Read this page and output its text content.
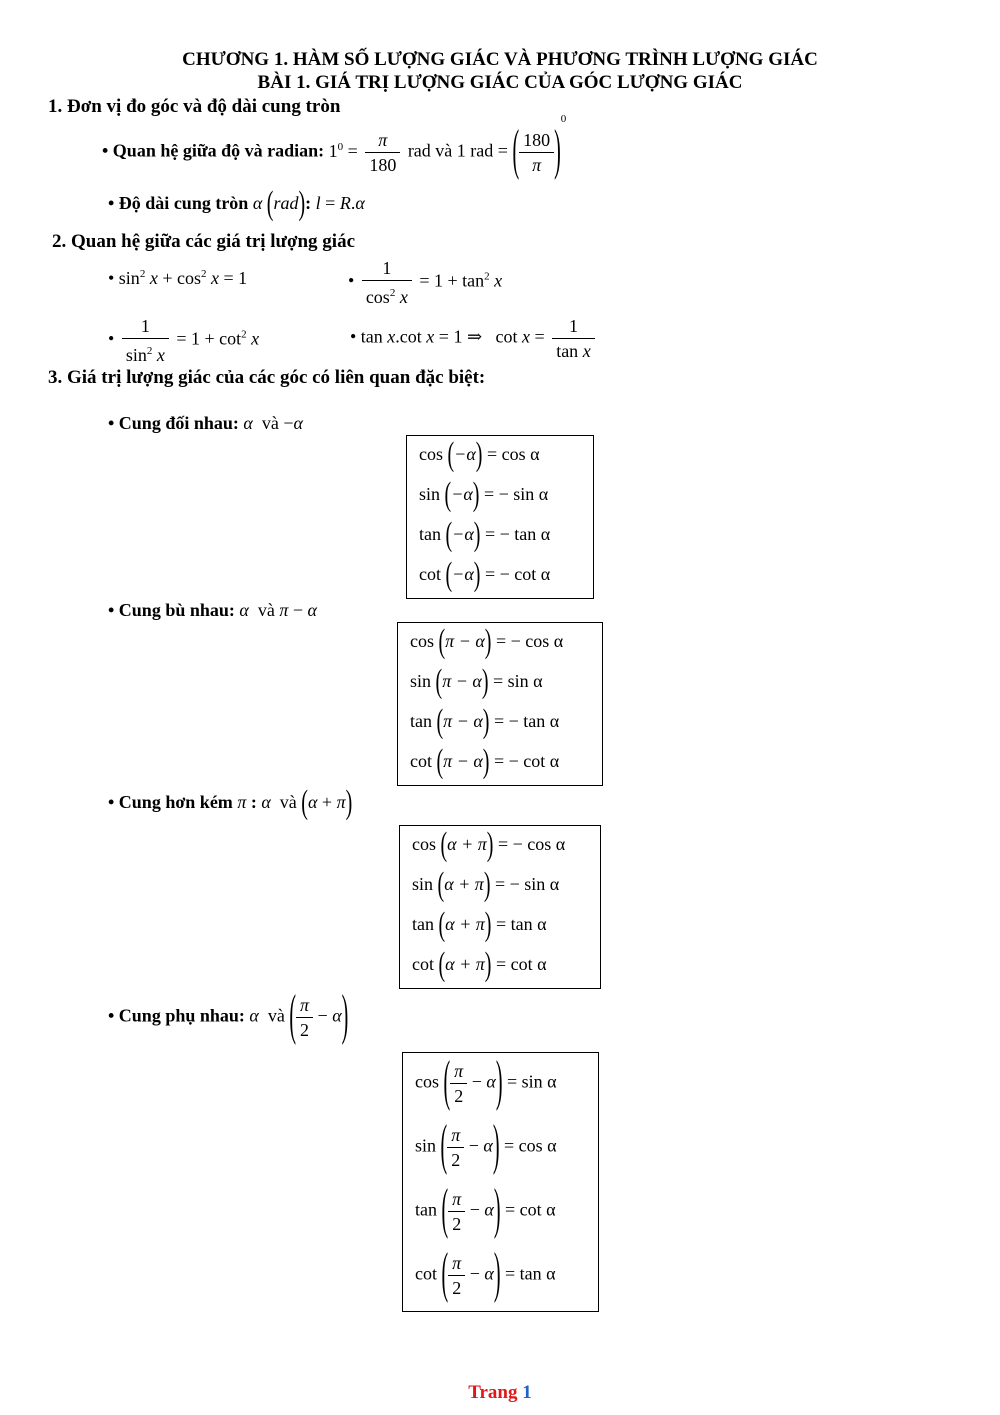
CHƯƠNG 1. HÀM SỐ LƯỢNG GIÁC VÀ PHƯƠNG TRÌNH LƯỢNG GIÁC
BÀI 1. GIÁ TRỊ LƯỢNG GIÁC CỦA GÓC LƯỢNG GIÁC
1. Đơn vị đo góc và độ dài cung tròn
• Quan hệ giữa độ và radian: $1^0 = \frac{\pi}{180}$ rad và 1 rad = ( $\frac{180}{\pi} )^0$
• Độ dài cung tròn α (rad): l = R.α
2. Quan hệ giữa các giá trị lượng giác
• $\sin^2 x + \cos^2 x = 1$	• $\frac{1}{\cos^2 x} = 1 + \tan^2 x$
• $\frac{1}{\sin^2 x} = 1 + \cot^2 x$	• tan x.cot x = 1 ⇒   $\cot x = \frac{1}{\text{tan x}}$
3. Giá trị lượng giác của các góc có liên quan đặc biệt:
• Cung đối nhau: α và −α
cos (−α) = cos α
sin (−α) = − sin α
tan (−α) = − tan α
cot (−α) = − cot α
• Cung bù nhau: α và π − α
cos (π − α) = − cos α
sin (π − α) = sin α
tan (π − α) = − tan α
cot (π − α) = − cot α
• Cung hơn kém π : α và (α + π)
cos (α + π) = − cos α
sin (α + π) = − sin α
tan (α + π) = tan α
cot (α + π) = cot α
• Cung phụ nhau: α và ( $\frac{\pi}{2} - \alpha$)
cos ( $\frac{\pi}{2} - \alpha) = \sin \alpha$
sin ( $\frac{\pi}{2} - \alpha) = \cos \alpha$
tan ( $\frac{\pi}{2} - \alpha) = \cot \alpha$
cot ( $\frac{\pi}{2} - \alpha) = \tan \alpha$
Trang 1
